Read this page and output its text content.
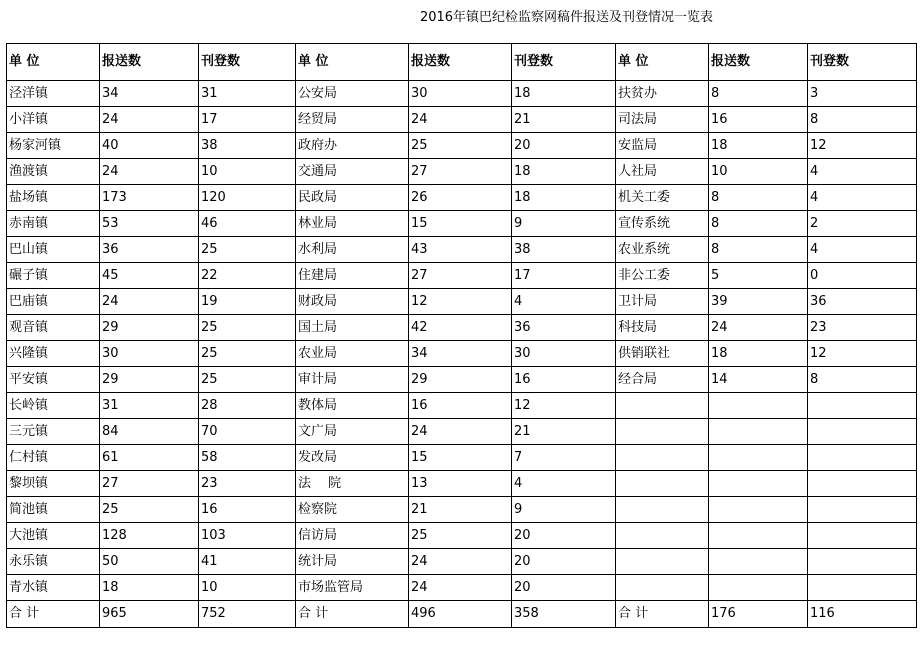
2016年镇巴纪检监察网稿件报送及刊登情况一览表
单 位	报送数	刊登数	单 位	报送数	刊登数	单 位	报送数	刊登数
泾洋镇	34	31	公安局	30	18	扶贫办	8	3
小洋镇	24	17	经贸局	24	21	司法局	16	8
杨家河镇	40	38	政府办	25	20	安监局	18	12
渔渡镇	24	10	交通局	27	18	人社局	10	4
盐场镇	173	120	民政局	26	18	机关工委	8	4
赤南镇	53	46	林业局	15	9	宣传系统	8	2
巴山镇	36	25	水利局	43	38	农业系统	8	4
碾子镇	45	22	住建局	27	17	非公工委	5	0
巴庙镇	24	19	财政局	12	4	卫计局	39	36
观音镇	29	25	国土局	42	36	科技局	24	23
兴隆镇	30	25	农业局	34	30	供销联社	18	12
平安镇	29	25	审计局	29	16	经合局	14	8
长岭镇	31	28	教体局	16	12			
三元镇	84	70	文广局	24	21			
仁村镇	61	58	发改局	15	7			
黎坝镇	27	23	法　 院	13	4			
简池镇	25	16	检察院	21	9			
大池镇	128	103	信访局	25	20			
永乐镇	50	41	统计局	24	20			
青水镇	18	10	市场监管局	24	20			
合 计	965	752	合 计	496	358	合 计	176	116
